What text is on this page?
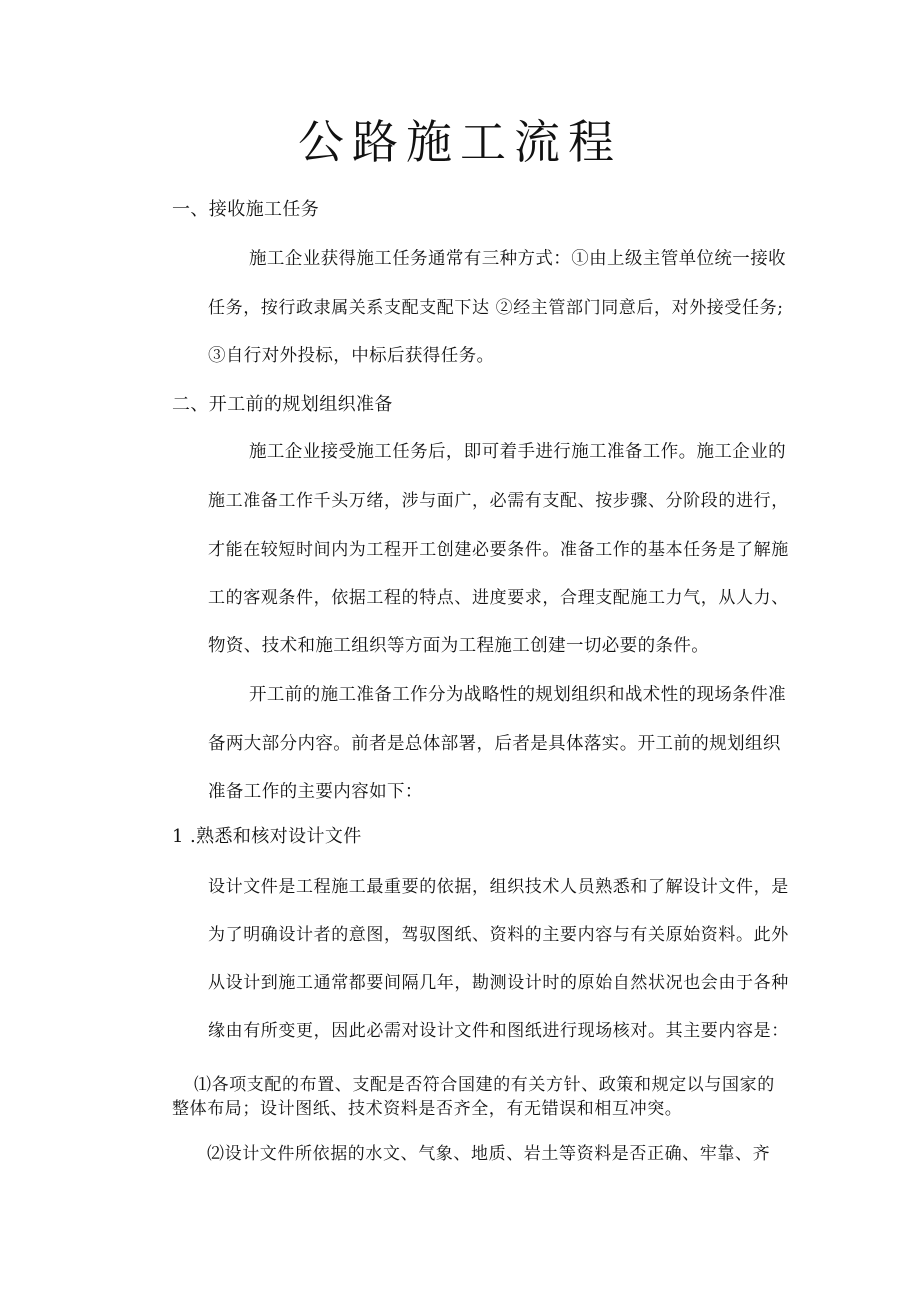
公路施工流程
一、接收施工任务
施工企业获得施工任务通常有三种方式：①由上级主管单位统一接收
任务，按行政隶属关系支配支配下达 ②经主管部门同意后，对外接受任务;
③自行对外投标，中标后获得任务。
二、开工前的规划组织准备
施工企业接受施工任务后，即可着手进行施工准备工作。施工企业的
施工准备工作千头万绪，涉与面广，必需有支配、按步骤、分阶段的进行，
才能在较短时间内为工程开工创建必要条件。准备工作的基本任务是了解施
工的客观条件，依据工程的特点、进度要求，合理支配施工力气，从人力、
物资、技术和施工组织等方面为工程施工创建一切必要的条件。
开工前的施工准备工作分为战略性的规划组织和战术性的现场条件准
备两大部分内容。前者是总体部署，后者是具体落实。开工前的规划组织
准备工作的主要内容如下：
1 .熟悉和核对设计文件
设计文件是工程施工最重要的依据，组织技术人员熟悉和了解设计文件，是
为了明确设计者的意图，驾驭图纸、资料的主要内容与有关原始资料。此外
从设计到施工通常都要间隔几年，勘测设计时的原始自然状况也会由于各种
缘由有所变更，因此必需对设计文件和图纸进行现场核对。其主要内容是：
⑴各项支配的布置、支配是否符合国建的有关方针、政策和规定以与国家的
整体布局；设计图纸、技术资料是否齐全，有无错误和相互冲突。
⑵设计文件所依据的水文、气象、地质、岩土等资料是否正确、牢靠、齐
